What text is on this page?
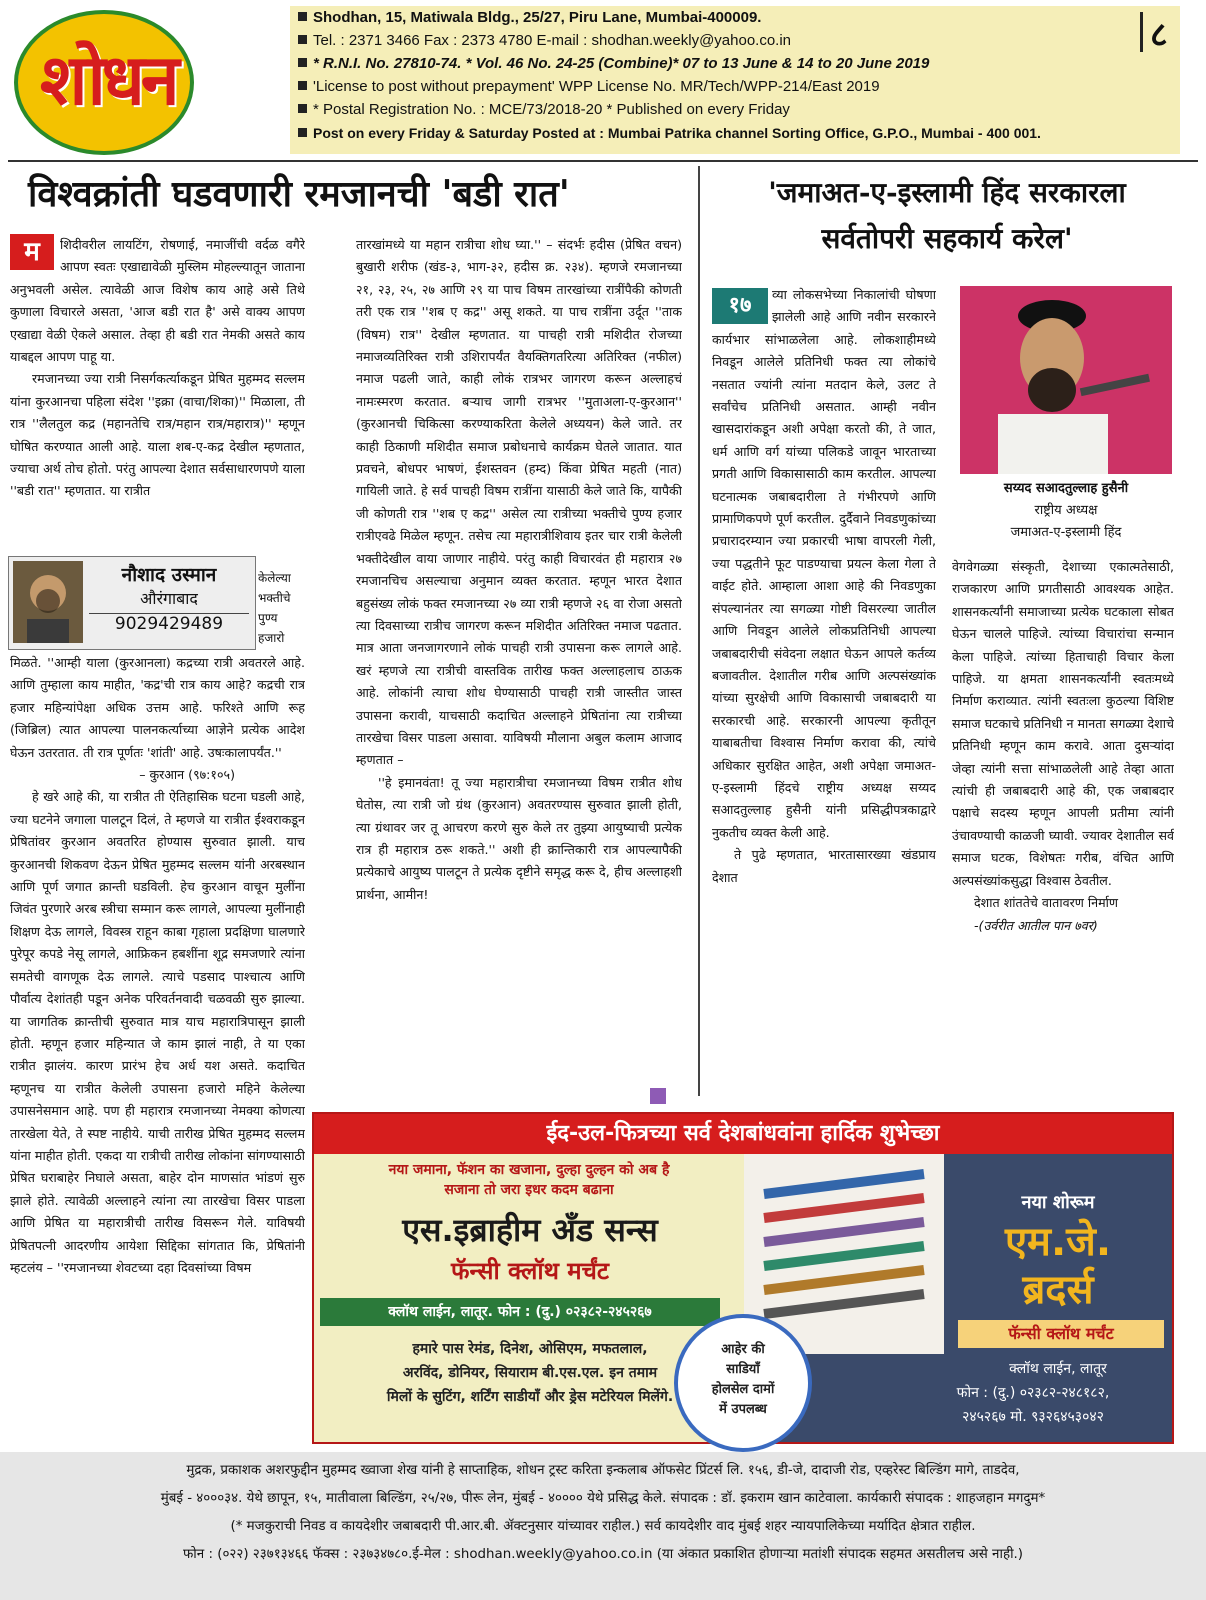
शोधन
Shodhan, 15, Matiwala Bldg., 25/27, Piru Lane, Mumbai-400009.
Tel. : 2371 3466 Fax : 2373 4780 E-mail : shodhan.weekly@yahoo.co.in
* R.N.I. No. 27810-74. * Vol. 46 No. 24-25 (Combine)* 07 to 13 June & 14 to 20 June 2019
'License to post without prepayment' WPP License No. MR/Tech/WPP-214/East 2019
* Postal Registration No. : MCE/73/2018-20 * Published on every Friday
Post on every Friday & Saturday Posted at : Mumbai Patrika channel Sorting Office, G.P.O., Mumbai - 400 001.
८
विश्वक्रांती घडवणारी रमजानची 'बडी रात'
म	शिदीवरील लायटिंग, रोषणाई, नमाजींची वर्दळ वगैरे आपण स्वतः एखाद्यावेळी मुस्लिम मोहल्ल्यातून जाताना अनुभवली असेल. त्यावेळी आज विशेष काय आहे असे तिथे कुणाला विचारले असता, 'आज बडी रात है' असे वाक्य आपण एखाद्या वेळी ऐकले असाल. तेव्हा ही बडी रात नेमकी असते काय याबद्दल आपण पाहू या.

रमजानच्या ज्या रात्री निसर्गकर्त्याकडून प्रेषित मुहम्मद सल्लम यांना कुरआनचा पहिला संदेश ''इक्रा (वाचा/शिका)'' मिळाला, ती रात्र ''लैलतुल कद्र (महानतेचि रात्र/महान रात्र/महारात्र)'' म्हणून घोषित करण्यात आली आहे. याला शब-ए-कद्र देखील म्हणतात, ज्याचा अर्थ तोच होतो. परंतु आपल्या देशात सर्वसाधारणपणे याला ''बडी रात'' म्हणतात. या रात्रीत

नौशाद उस्मान
औरंगाबाद
9029429489
केलेल्या भक्तीचे पुण्य हजारो

मिळते. ''आम्ही याला (कुरआनला) कद्रच्या रात्री अवतरले आहे. आणि तुम्हाला काय माहीत, 'कद्र'ची रात्र काय आहे? कद्रची रात्र हजार महिन्यांपेक्षा अधिक उत्तम आहे. फरिश्ते आणि रूह (जिब्रिल) त्यात आपल्या पालनकर्त्याच्या आज्ञेने प्रत्येक आदेश घेऊन उतरतात. ती रात्र पूर्णतः 'शांती' आहे. उषःकालापर्यंत.''

– कुरआन (९७:१०५)

हे खरे आहे की, या रात्रीत ती ऐतिहासिक घटना घडली आहे, ज्या घटनेने जगाला पालटून दिलं, ते म्हणजे या रात्रीत ईश्वराकडून प्रेषितांवर कुरआन अवतरित होण्यास सुरुवात झाली. याच कुरआनची शिकवण देऊन प्रेषित मुहम्मद सल्लम यांनी अरबस्थान आणि पूर्ण जगात क्रान्ती घडविली. हेच कुरआन वाचून मुलींना जिवंत पुरणारे अरब स्त्रीचा सम्मान करू लागले, आपल्या मुलींनाही शिक्षण देऊ लागले, विवस्त्र राहून काबा गृहाला प्रदक्षिणा घालणारे पुरेपूर कपडे नेसू लागले, आफ्रिकन हबशींना शूद्र समजणारे त्यांना समतेची वागणूक देऊ लागले. त्याचे पडसाद पाश्चात्य आणि पौर्वात्य देशांतही पडून अनेक परिवर्तनवादी चळवळी सुरु झाल्या. या जागतिक क्रान्तीची सुरुवात मात्र याच महारात्रिपासून झाली होती. म्हणून हजार महिन्यात जे काम झालं नाही, ते या एका रात्रीत झालंय. कारण प्रारंभ हेच अर्ध यश असते. कदाचित म्हणूनच या रात्रीत केलेली उपासना हजारो महिने केलेल्या उपासनेसमान आहे. पण ही महारात्र रमजानच्या नेमक्या कोणत्या तारखेला येते, ते स्पष्ट नाहीये. याची तारीख प्रेषित मुहम्मद सल्लम यांना माहीत होती. एकदा या रात्रीची तारीख लोकांना सांगण्यासाठी प्रेषित घराबाहेर निघाले असता, बाहेर दोन माणसांत भांडणं सुरु झाले होते. त्यावेळी अल्लाहने त्यांना त्या तारखेचा विसर पाडला आणि प्रेषित या महारात्रीची तारीख विसरून गेले. याविषयी प्रेषितपत्नी आदरणीय आयेशा सिद्दिका सांगतात कि, प्रेषितांनी म्हटलंय – ''रमजानच्या शेवटच्या दहा दिवसांच्या विषम

तारखांमध्ये या महान रात्रीचा शोध घ्या.'' – संदर्भः हदीस (प्रेषित वचन) बुखारी शरीफ (खंड-३, भाग-३२, हदीस क्र. २३४). म्हणजे रमजानच्या २१, २३, २५, २७ आणि २९ या पाच विषम तारखांच्या रात्रींपैकी कोणती तरी एक रात्र ''शब ए कद्र'' असू शकते. या पाच रात्रींना उर्दूत ''ताक (विषम) रात्र'' देखील म्हणतात. या पाचही रात्री मशिदीत रोजच्या नमाजव्यतिरिक्त रात्री उशिरापर्यंत वैयक्तिगतरित्या अतिरिक्त (नफील) नमाज पढली जाते, काही लोकं रात्रभर जागरण करून अल्लाहचं नामःस्मरण करतात. बऱ्याच जागी रात्रभर ''मुताअला-ए-कुरआन'' (कुरआनची चिकित्सा करण्याकरिता केलेले अध्ययन) केले जाते. तर काही ठिकाणी मशिदीत समाज प्रबोधनाचे कार्यक्रम घेतले जातात. यात प्रवचने, बोधपर भाषणं, ईशस्तवन (हम्द) किंवा प्रेषित महती (नात) गायिली जाते. हे सर्व पाचही विषम रात्रींना यासाठी केले जाते कि, यापैकी जी कोणती रात्र ''शब ए कद्र'' असेल त्या रात्रीच्या भक्तीचे पुण्य हजार रात्रीएवढे मिळेल म्हणून. तसेच त्या महारात्रीशिवाय इतर चार रात्री केलेली भक्तीदेखील वाया जाणार नाहीये. परंतु काही विचारवंत ही महारात्र २७ रमजानचिच असल्याचा अनुमान व्यक्त करतात. म्हणून भारत देशात बहुसंख्य लोकं फक्त रमजानच्या २७ व्या रात्री म्हणजे २६ वा रोजा असतो त्या दिवसाच्या रात्रीच जागरण करून मशिदीत अतिरिक्त नमाज पढतात. मात्र आता जनजागरणाने लोकं पाचही रात्री उपासना करू लागले आहे. खरं म्हणजे त्या रात्रीची वास्तविक तारीख फक्त अल्लाहलाच ठाऊक आहे. लोकांनी त्याचा शोध घेण्यासाठी पाचही रात्री जास्तीत जास्त उपासना करावी, याचसाठी कदाचित अल्लाहने प्रेषितांना त्या रात्रीच्या तारखेचा विसर पाडला असावा. याविषयी मौलाना अबुल कलाम आजाद म्हणतात –

''हे इमानवंता! तू ज्या महारात्रीचा रमजानच्या विषम रात्रीत शोध घेतोस, त्या रात्री जो ग्रंथ (कुरआन) अवतरण्यास सुरुवात झाली होती, त्या ग्रंथावर जर तू आचरण करणे सुरु केले तर तुझ्या आयुष्याची प्रत्येक रात्र ही महारात्र ठरू शकते.'' अशी ही क्रान्तिकारी रात्र आपल्यापैकी प्रत्येकाचे आयुष्य पालटून ते प्रत्येक दृष्टीने समृद्ध करू दे, हीच अल्लाहशी प्रार्थना, आमीन!

'जमाअत-ए-इस्लामी हिंद सरकारला
सर्वतोपरी सहकार्य करेल'
१७	व्या लोकसभेच्या निकालांची घोषणा झालेली आहे आणि नवीन सरकारने कार्यभार सांभाळलेला आहे. लोकशाहीमध्ये निवडून आलेले प्रतिनिधी फक्त त्या लोकांचे नसतात ज्यांनी त्यांना मतदान केले, उलट ते सर्वांचेच प्रतिनिधी असतात. आम्ही नवीन खासदारांकडून अशी अपेक्षा करतो की, ते जात, धर्म आणि वर्ग यांच्या पलिकडे जावून भारताच्या प्रगती आणि विकासासाठी काम करतील. आपल्या घटनात्मक जबाबदारीला ते गंभीरपणे आणि प्रामाणिकपणे पूर्ण करतील. दुर्दैवाने निवडणुकांच्या प्रचारादरम्यान ज्या प्रकारची भाषा वापरली गेली, ज्या पद्धतीने फूट पाडण्याचा प्रयत्न केला गेला ते वाईट होते. आम्हाला आशा आहे की निवडणुका संपल्यानंतर त्या सगळ्या गोष्टी विसरल्या जातील आणि निवडून आलेले लोकप्रतिनिधी आपल्या जबाबदारीची संवेदना लक्षात घेऊन आपले कर्तव्य बजावतील. देशातील गरीब आणि अल्पसंख्यांक यांच्या सुरक्षेची आणि विकासाची जबाबदारी या सरकारची आहे. सरकारनी आपल्या कृतीतून याबाबतीचा विश्वास निर्माण करावा की, त्यांचे अधिकार सुरक्षित आहेत, अशी अपेक्षा जमाअत-ए-इस्लामी हिंदचे राष्ट्रीय अध्यक्ष सय्यद सआदतुल्लाह हुसैनी यांनी प्रसिद्धीपत्रकाद्वारे नुकतीच व्यक्त केली आहे.

ते पुढे म्हणतात, भारतासारख्या खंडप्राय देशात

सय्यद सआदतुल्लाह हुसैनी
राष्ट्रीय अध्यक्ष
जमाअत-ए-इस्लामी हिंद

वेगवेगळ्या संस्कृती, देशाच्या एकात्मतेसाठी, राजकारण आणि प्रगतीसाठी आवश्यक आहेत. शासनकर्त्यांनी समाजाच्या प्रत्येक घटकाला सोबत घेऊन चालले पाहिजे. त्यांच्या विचारांचा सन्मान केला पाहिजे. त्यांच्या हिताचाही विचार केला पाहिजे. या क्षमता शासनकर्त्यांनी स्वतःमध्ये निर्माण कराव्यात. त्यांनी स्वतःला कुठल्या विशिष्ट समाज घटकाचे प्रतिनिधी न मानता सगळ्या देशाचे प्रतिनिधी म्हणून काम करावे. आता दुसऱ्यांदा जेव्हा त्यांनी सत्ता सांभाळलेली आहे तेव्हा आता त्यांची ही जबाबदारी आहे की, एक जबाबदार पक्षाचे सदस्य म्हणून आपली प्रतीमा त्यांनी उंचावण्याची काळजी घ्यावी. ज्यावर देशातील सर्व समाज घटक, विशेषतः गरीब, वंचित आणि अल्पसंख्यांकसुद्धा विश्वास ठेवतील.

देशात शांततेचे वातावरण निर्माण

-(उर्वरीत आतील पान ७वर)

ईद-उल-फित्रच्या सर्व देशबांधवांना हार्दिक शुभेच्छा
नया जमाना, फॅशन का खजाना, दुल्हा दुल्हन को अब है
सजाना तो जरा इधर कदम बढाना
एस.इब्राहीम अँड सन्स
फॅन्सी क्लॉथ मर्चंट
क्लॉथ लाईन, लातूर. फोन : (दु.) ०२३८२-२४५२६७
हमारे पास रेमंड, दिनेश, ओसिएम, मफतलाल,
अरविंद, डोनियर, सियाराम बी.एस.एल. इन तमाम
मिलों के सुटिंग, शर्टिंग साडीयाँ और ड्रेस मटेरियल मिलेंगे.
आहेर की
साडियाँ
होलसेल दामों
में उपलब्ध
नया शोरूम
एम.जे.
ब्रदर्स
फॅन्सी क्लॉथ मर्चंट
क्लॉथ लाईन, लातूर
फोन : (दु.) ०२३८२-२४८१८२,
२४५२६७ मो. ९३२६४५३०४२
मुद्रक, प्रकाशक अशरफुद्दीन मुहम्मद ख्वाजा शेख यांनी हे साप्ताहिक, शोधन ट्रस्ट करिता इन्कलाब ऑफसेट प्रिंटर्स लि. १५६, डी-जे, दादाजी रोड, एव्हरेस्ट बिल्डिंग मागे, ताडदेव,
मुंबई - ४०००३४. येथे छापून, १५, मातीवाला बिल्डिंग, २५/२७, पीरू लेन, मुंबई - ४०००० येथे प्रसिद्ध केले. संपादक : डॉ. इकराम खान काटेवाला. कार्यकारी संपादक : शाहजहान मगदुम*
(* मजकुराची निवड व कायदेशीर जबाबदारी पी.आर.बी. ॲक्टनुसार यांच्यावर राहील.) सर्व कायदेशीर वाद मुंबई शहर न्यायपालिकेच्या मर्यादित क्षेत्रात राहील.
फोन : (०२२) २३७१३४६६ फॅक्स : २३७३४७८०.ई-मेल : shodhan.weekly@yahoo.co.in (या अंकात प्रकाशित होणाऱ्या मतांशी संपादक सहमत असतीलच असे नाही.)
